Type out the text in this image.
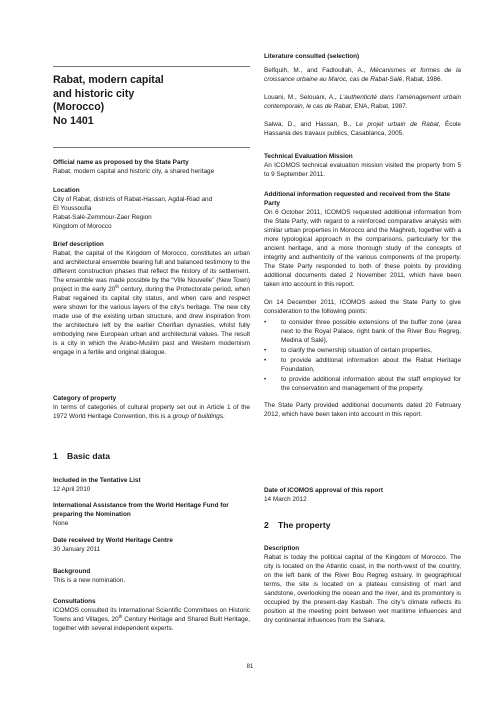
Rabat, modern capital

and historic city

(Morocco)

No 1401

Official name as proposed by the State Party
Rabat, modern capital and historic city, a shared heritage
Location
City of Rabat, districts of Rabat-Hassan, Agdal-Riad and
El Youssoufia
Rabat-Salé-Zemmour-Zaer Region
Kingdom of Morocco
Brief description

Rabat, the capital of the Kingdom of Morocco, constitutes an urban and architectural ensemble bearing full and balanced testimony to the different construction phases that reflect the history of its settlement. The ensemble was made possible by the “Ville Nouvelle” (New Town) project in the early 20th century, during the Protectorate period, when Rabat regained its capital city status, and when care and respect were shown for the various layers of the city’s heritage. The new city made use of the existing urban structure, and drew inspiration from the architecture left by the earlier Cherifian dynasties, whilst fully embodying new European urban and architectural values. The result is a city in which the Arabo-Muslim past and Western modernism engage in a fertile and original dialogue.

Category of property

In terms of categories of cultural property set out in Article 1 of the 1972 World Heritage Convention, this is a group of buildings.

1 Basic data
Included in the Tentative List
12 April 2010
International Assistance from the World Heritage Fund for preparing the Nomination
None
Date received by World Heritage Centre
30 January 2011
Background
This is a new nomination.
Consultations

ICOMOS consulted its International Scientific Committees on Historic Towns and Villages, 20th Century Heritage and Shared Built Heritage, together with several independent experts.

Literature consulted (selection)

Belfquih, M., and Fadloullah, A., Mécanismes et formes de la croissance urbaine au Maroc, cas de Rabat-Salé, Rabat, 1986.

Louani, M., Selouani, A., L’authenticité dans l’aménagement urbain contemporain, le cas de Rabat, ENA, Rabat, 1987.

Salwa, D., and Hassan, B., Le projet urbain de Rabat, École Hassania des travaux publics, Casablanca, 2005.

Technical Evaluation Mission

An ICOMOS technical evaluation mission visited the property from 5 to 9 September 2011.

Additional information requested and received from the State Party

On 6 October 2011, ICOMOS requested additional information from the State Party, with regard to a reinforced comparative analysis with similar urban properties in Morocco and the Maghreb, together with a more typological approach in the comparisons, particularly for the ancient heritage, and a more thorough study of the concepts of integrity and authenticity of the various components of the property. The State Party responded to both of these points by providing additional documents dated 2 November 2011, which have been taken into account in this report.

On 14 December 2011, ICOMOS asked the State Party to give consideration to the following points:

• to consider three possible extensions of the buffer zone (area next to the Royal Palace, right bank of the River Bou Regreg, Medina of Salé),
• to clarify the ownership situation of certain properties,
• to provide additional information about the Rabat Heritage Foundation,
• to provide additional information about the staff employed for the conservation and management of the property.

The State Party provided additional documents dated 20 February 2012, which have been taken into account in this report.

Date of ICOMOS approval of this report
14 March 2012
2 The property
Description

Rabat is today the political capital of the Kingdom of Morocco. The city is located on the Atlantic coast, in the north-west of the country, on the left bank of the River Bou Regreg estuary. In geographical terms, the site is located on a plateau consisting of marl and sandstone, overlooking the ocean and the river, and its promontory is occupied by the present-day Kasbah. The city’s climate reflects its position at the meeting point between wet maritime influences and dry continental influences from the Sahara.

81
